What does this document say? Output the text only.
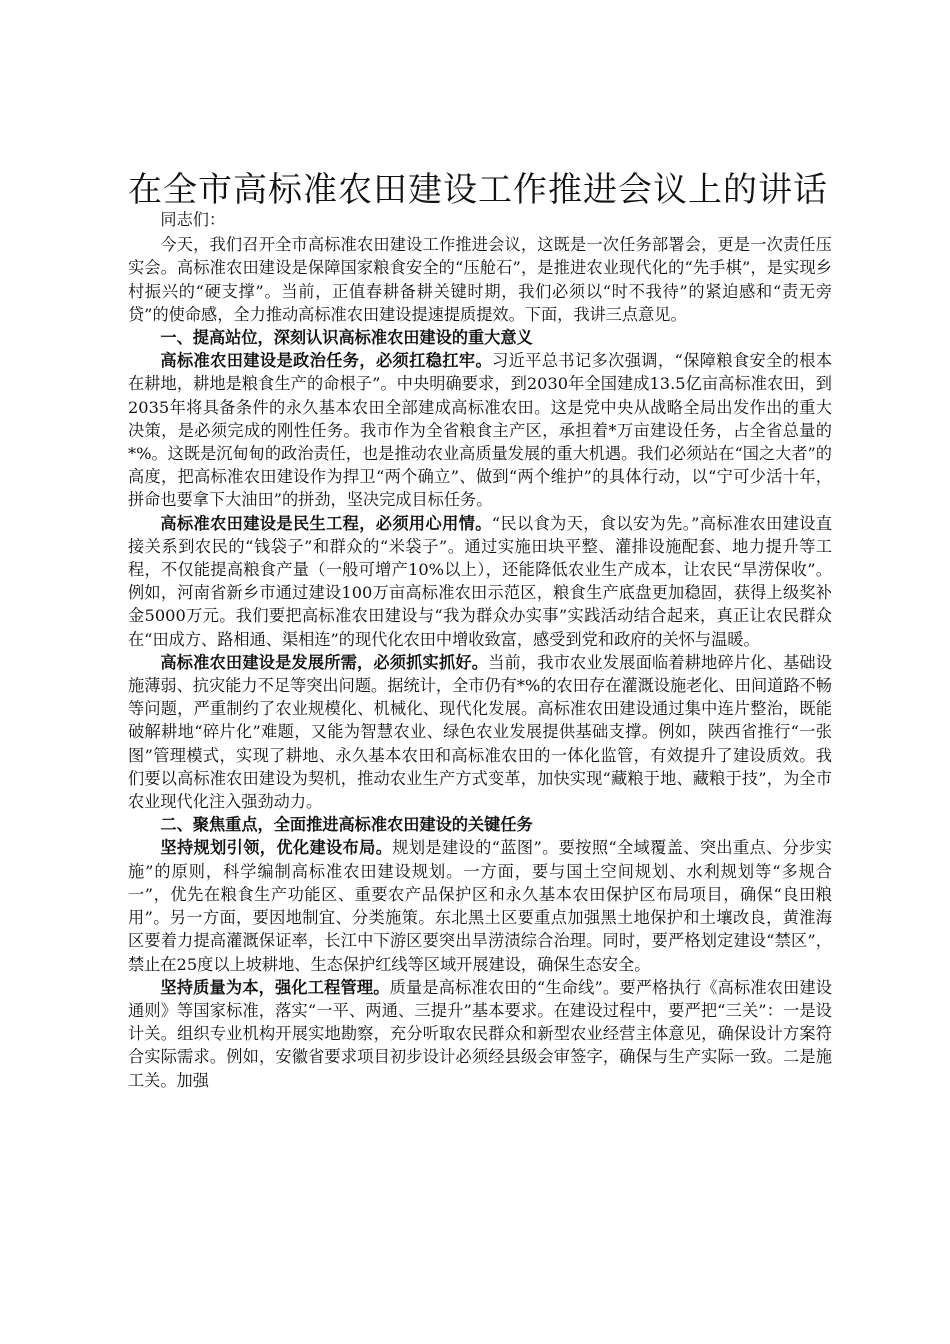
在全市高标准农田建设工作推进会议上的讲话
同志们：

今天，我们召开全市高标准农田建设工作推进会议，这既是一次任务部署会，更是一次责任压实会。高标准农田建设是保障国家粮食安全的“压舱石”，是推进农业现代化的“先手棋”，是实现乡村振兴的“硬支撑”。当前，正值春耕备耕关键时期，我们必须以“时不我待”的紧迫感和“责无旁贷”的使命感，全力推动高标准农田建设提速提质提效。下面，我讲三点意见。

一、提高站位，深刻认识高标准农田建设的重大意义

高标准农田建设是政治任务，必须扛稳扛牢。习近平总书记多次强调，“保障粮食安全的根本在耕地，耕地是粮食生产的命根子”。中央明确要求，到2030年全国建成13.5亿亩高标准农田，到2035年将具备条件的永久基本农田全部建成高标准农田。这是党中央从战略全局出发作出的重大决策，是必须完成的刚性任务。我市作为全省粮食主产区，承担着*万亩建设任务，占全省总量的*%。这既是沉甸甸的政治责任，也是推动农业高质量发展的重大机遇。我们必须站在“国之大者”的高度，把高标准农田建设作为捍卫“两个确立”、做到“两个维护”的具体行动，以“宁可少活十年，拼命也要拿下大油田”的拼劲，坚决完成目标任务。

高标准农田建设是民生工程，必须用心用情。“民以食为天，食以安为先。”高标准农田建设直接关系到农民的“钱袋子”和群众的“米袋子”。通过实施田块平整、灌排设施配套、地力提升等工程，不仅能提高粮食产量（一般可增产10%以上），还能降低农业生产成本，让农民“旱涝保收”。例如，河南省新乡市通过建设100万亩高标准农田示范区，粮食生产底盘更加稳固，获得上级奖补金5000万元。我们要把高标准农田建设与“我为群众办实事”实践活动结合起来，真正让农民群众在“田成方、路相通、渠相连”的现代化农田中增收致富，感受到党和政府的关怀与温暖。

高标准农田建设是发展所需，必须抓实抓好。当前，我市农业发展面临着耕地碎片化、基础设施薄弱、抗灾能力不足等突出问题。据统计，全市仍有*%的农田存在灌溉设施老化、田间道路不畅等问题，严重制约了农业规模化、机械化、现代化发展。高标准农田建设通过集中连片整治，既能破解耕地“碎片化”难题，又能为智慧农业、绿色农业发展提供基础支撑。例如，陕西省推行“一张图”管理模式，实现了耕地、永久基本农田和高标准农田的一体化监管，有效提升了建设质效。我们要以高标准农田建设为契机，推动农业生产方式变革，加快实现“藏粮于地、藏粮于技”，为全市农业现代化注入强劲动力。

二、聚焦重点，全面推进高标准农田建设的关键任务

坚持规划引领，优化建设布局。规划是建设的“蓝图”。要按照“全域覆盖、突出重点、分步实施”的原则，科学编制高标准农田建设规划。一方面，要与国土空间规划、水利规划等“多规合一”，优先在粮食生产功能区、重要农产品保护区和永久基本农田保护区布局项目，确保“良田粮用”。另一方面，要因地制宜、分类施策。东北黑土区要重点加强黑土地保护和土壤改良，黄淮海区要着力提高灌溉保证率，长江中下游区要突出旱涝渍综合治理。同时，要严格划定建设“禁区”，禁止在25度以上坡耕地、生态保护红线等区域开展建设，确保生态安全。

坚持质量为本，强化工程管理。质量是高标准农田的“生命线”。要严格执行《高标准农田建设通则》等国家标准，落实“一平、两通、三提升”基本要求。在建设过程中，要严把“三关”：一是设计关。组织专业机构开展实地勘察，充分听取农民群众和新型农业经营主体意见，确保设计方案符合实际需求。例如，安徽省要求项目初步设计必须经县级会审签字，确保与生产实际一致。二是施工关。加强
